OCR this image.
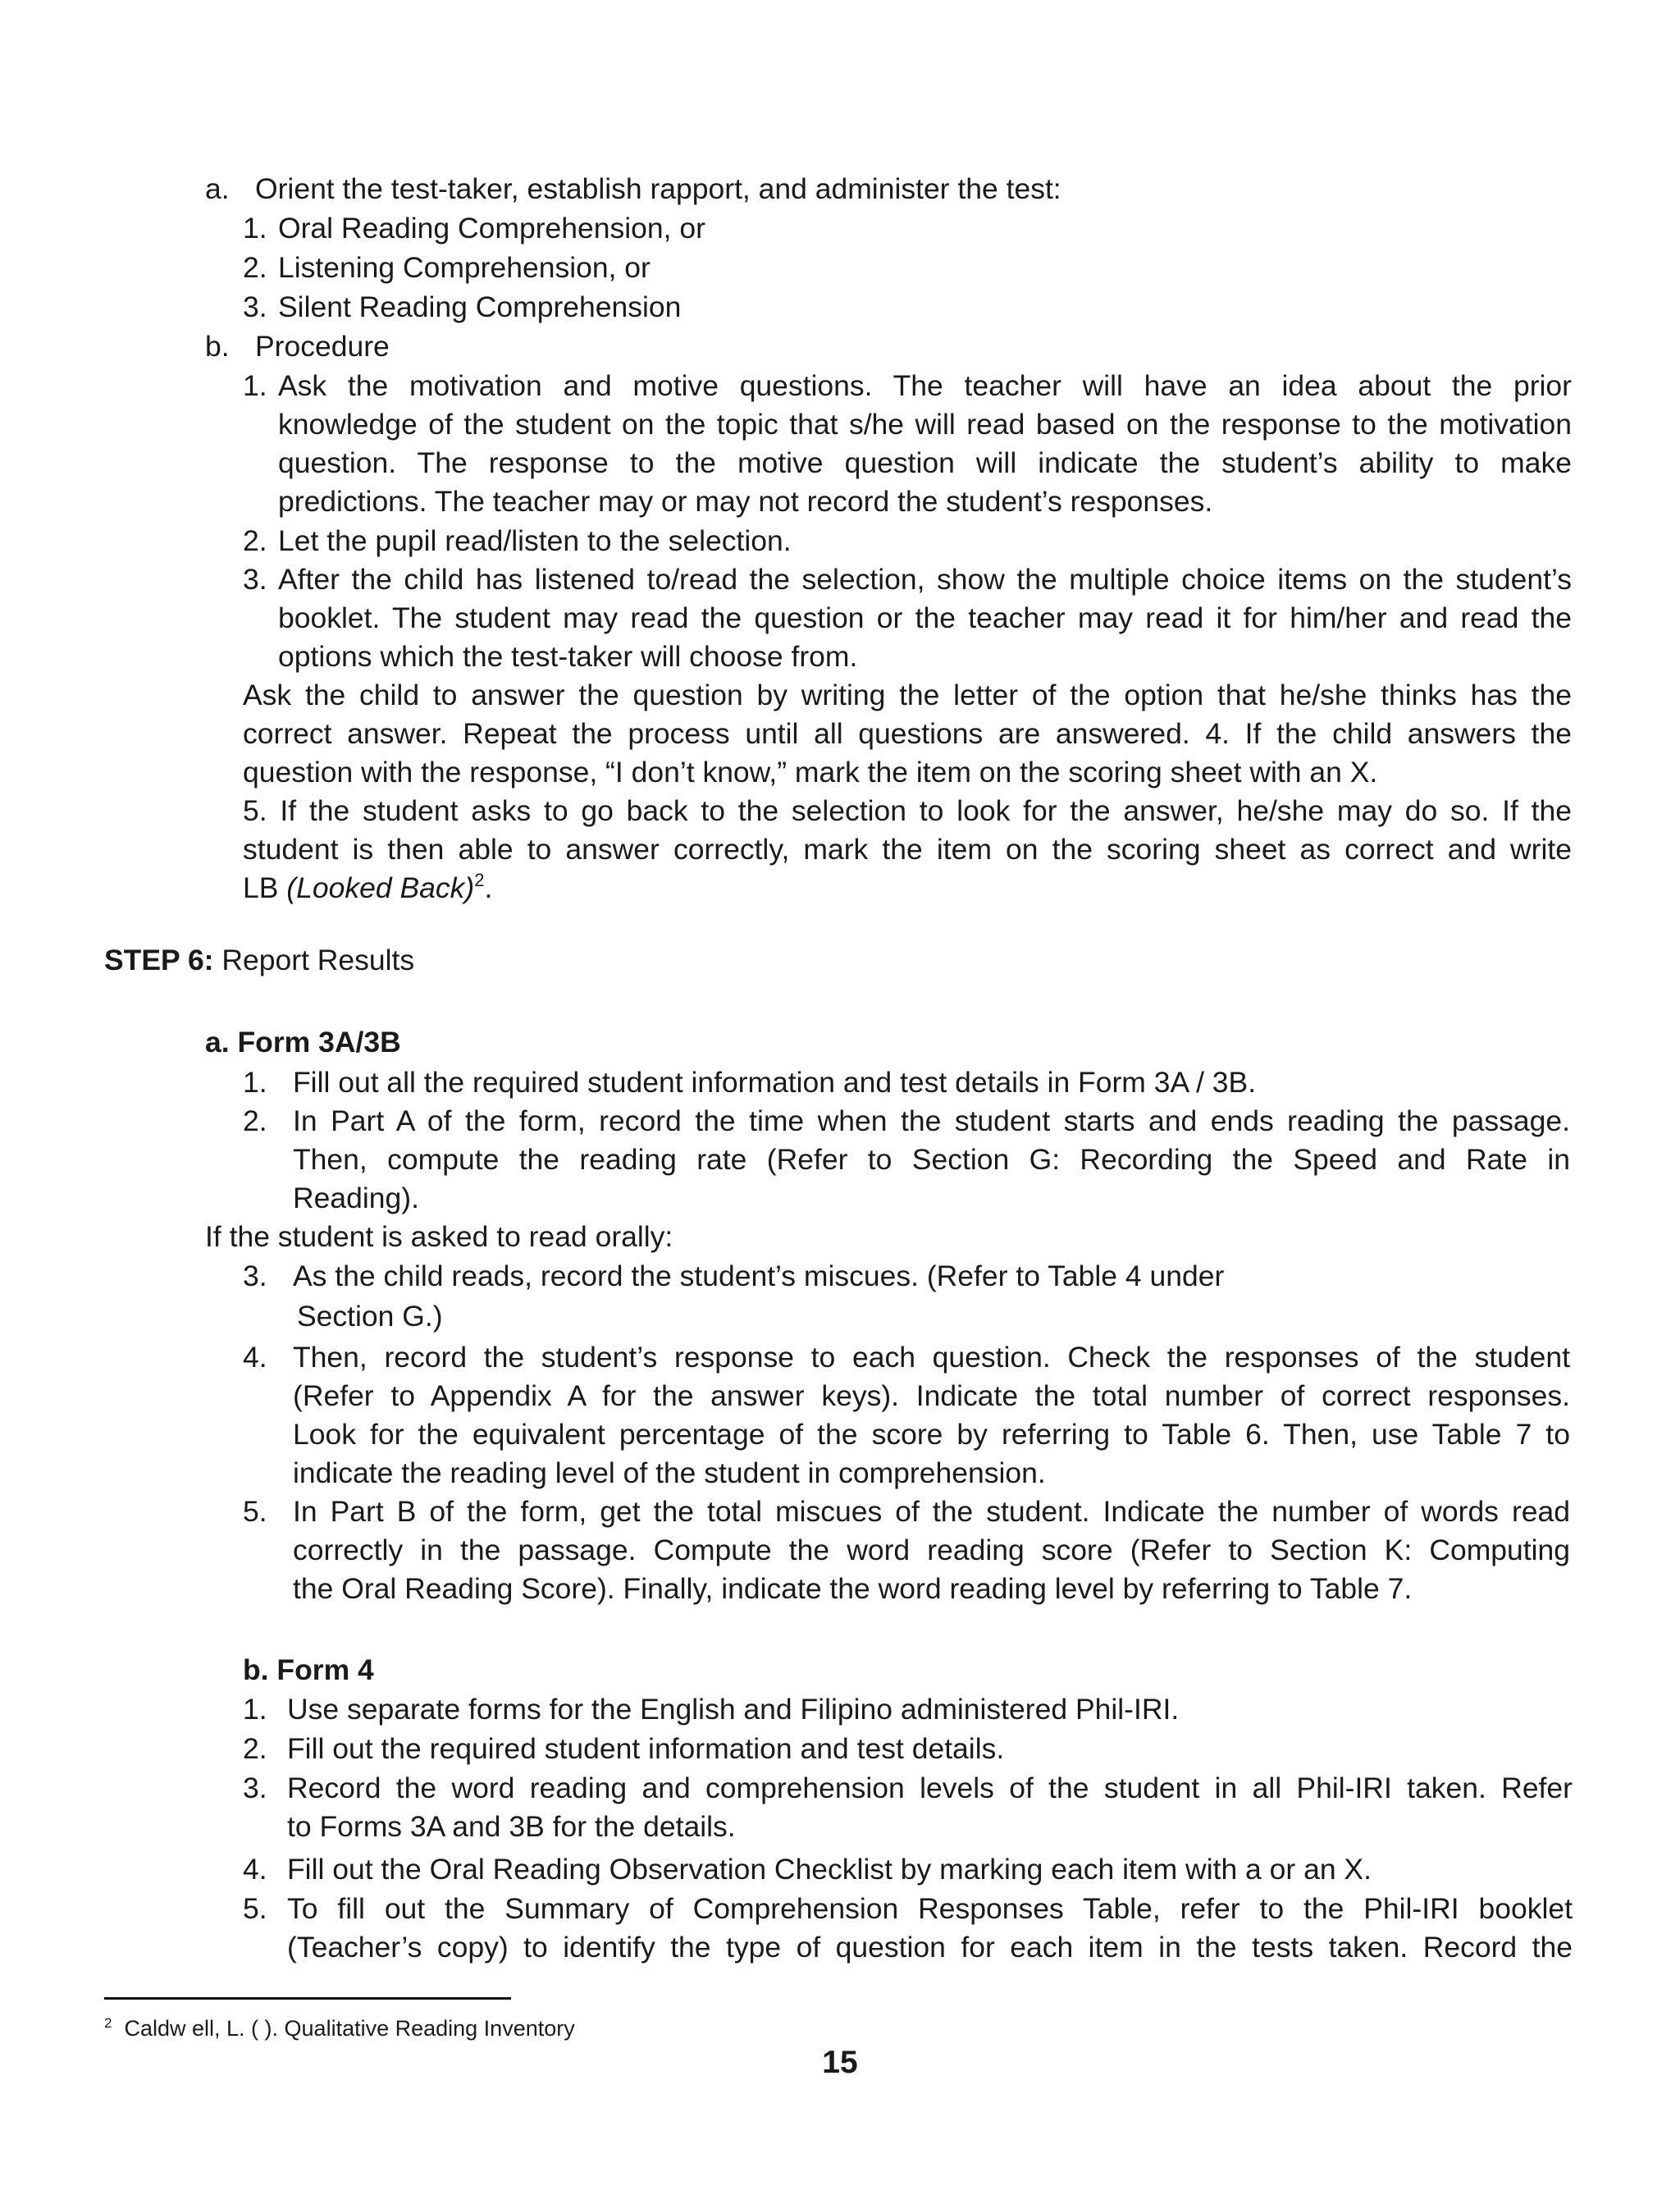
a. Orient the test-taker, establish rapport, and administer the test:
1. Oral Reading Comprehension, or
2. Listening Comprehension, or
3. Silent Reading Comprehension
b. Procedure
1. Ask the motivation and motive questions. The teacher will have an idea about the prior
knowledge of the student on the topic that s/he will read based on the response to the motivation
question. The response to the motive question will indicate the student’s ability to make
predictions. The teacher may or may not record the student’s responses.
2. Let the pupil read/listen to the selection.
3. After the child has listened to/read the selection, show the multiple choice items on the student’s
booklet. The student may read the question or the teacher may read it for him/her and read the
options which the test-taker will choose from.
Ask the child to answer the question by writing the letter of the option that he/she thinks has the
correct answer. Repeat the process until all questions are answered. 4. If the child answers the
question with the response, “I don’t know,” mark the item on the scoring sheet with an X.
5. If the student asks to go back to the selection to look for the answer, he/she may do so. If the
student is then able to answer correctly, mark the item on the scoring sheet as correct and write
LB (Looked Back)$^2$.
STEP 6: Report Results
a. Form 3A/3B
1. Fill out all the required student information and test details in Form 3A / 3B.
2. In Part A of the form, record the time when the student starts and ends reading the passage.
Then, compute the reading rate (Refer to Section G: Recording the Speed and Rate in
Reading).
If the student is asked to read orally:
3. As the child reads, record the student’s miscues. (Refer to Table 4 under
Section G.)
4. Then, record the student’s response to each question. Check the responses of the student
(Refer to Appendix A for the answer keys). Indicate the total number of correct responses.
Look for the equivalent percentage of the score by referring to Table 6. Then, use Table 7 to
indicate the reading level of the student in comprehension.
5. In Part B of the form, get the total miscues of the student. Indicate the number of words read
correctly in the passage. Compute the word reading score (Refer to Section K: Computing
the Oral Reading Score). Finally, indicate the word reading level by referring to Table 7.
b. Form 4
1. Use separate forms for the English and Filipino administered Phil-IRI.
2. Fill out the required student information and test details.
3. Record the word reading and comprehension levels of the student in all Phil-IRI taken. Refer
to Forms 3A and 3B for the details.
4. Fill out the Oral Reading Observation Checklist by marking each item with a or an X.
5. To fill out the Summary of Comprehension Responses Table, refer to the Phil-IRI booklet
(Teacher’s copy) to identify the type of question for each item in the tests taken. Record the
$^2$ Caldw ell, L. ( ). Qualitative Reading Inventory
15
